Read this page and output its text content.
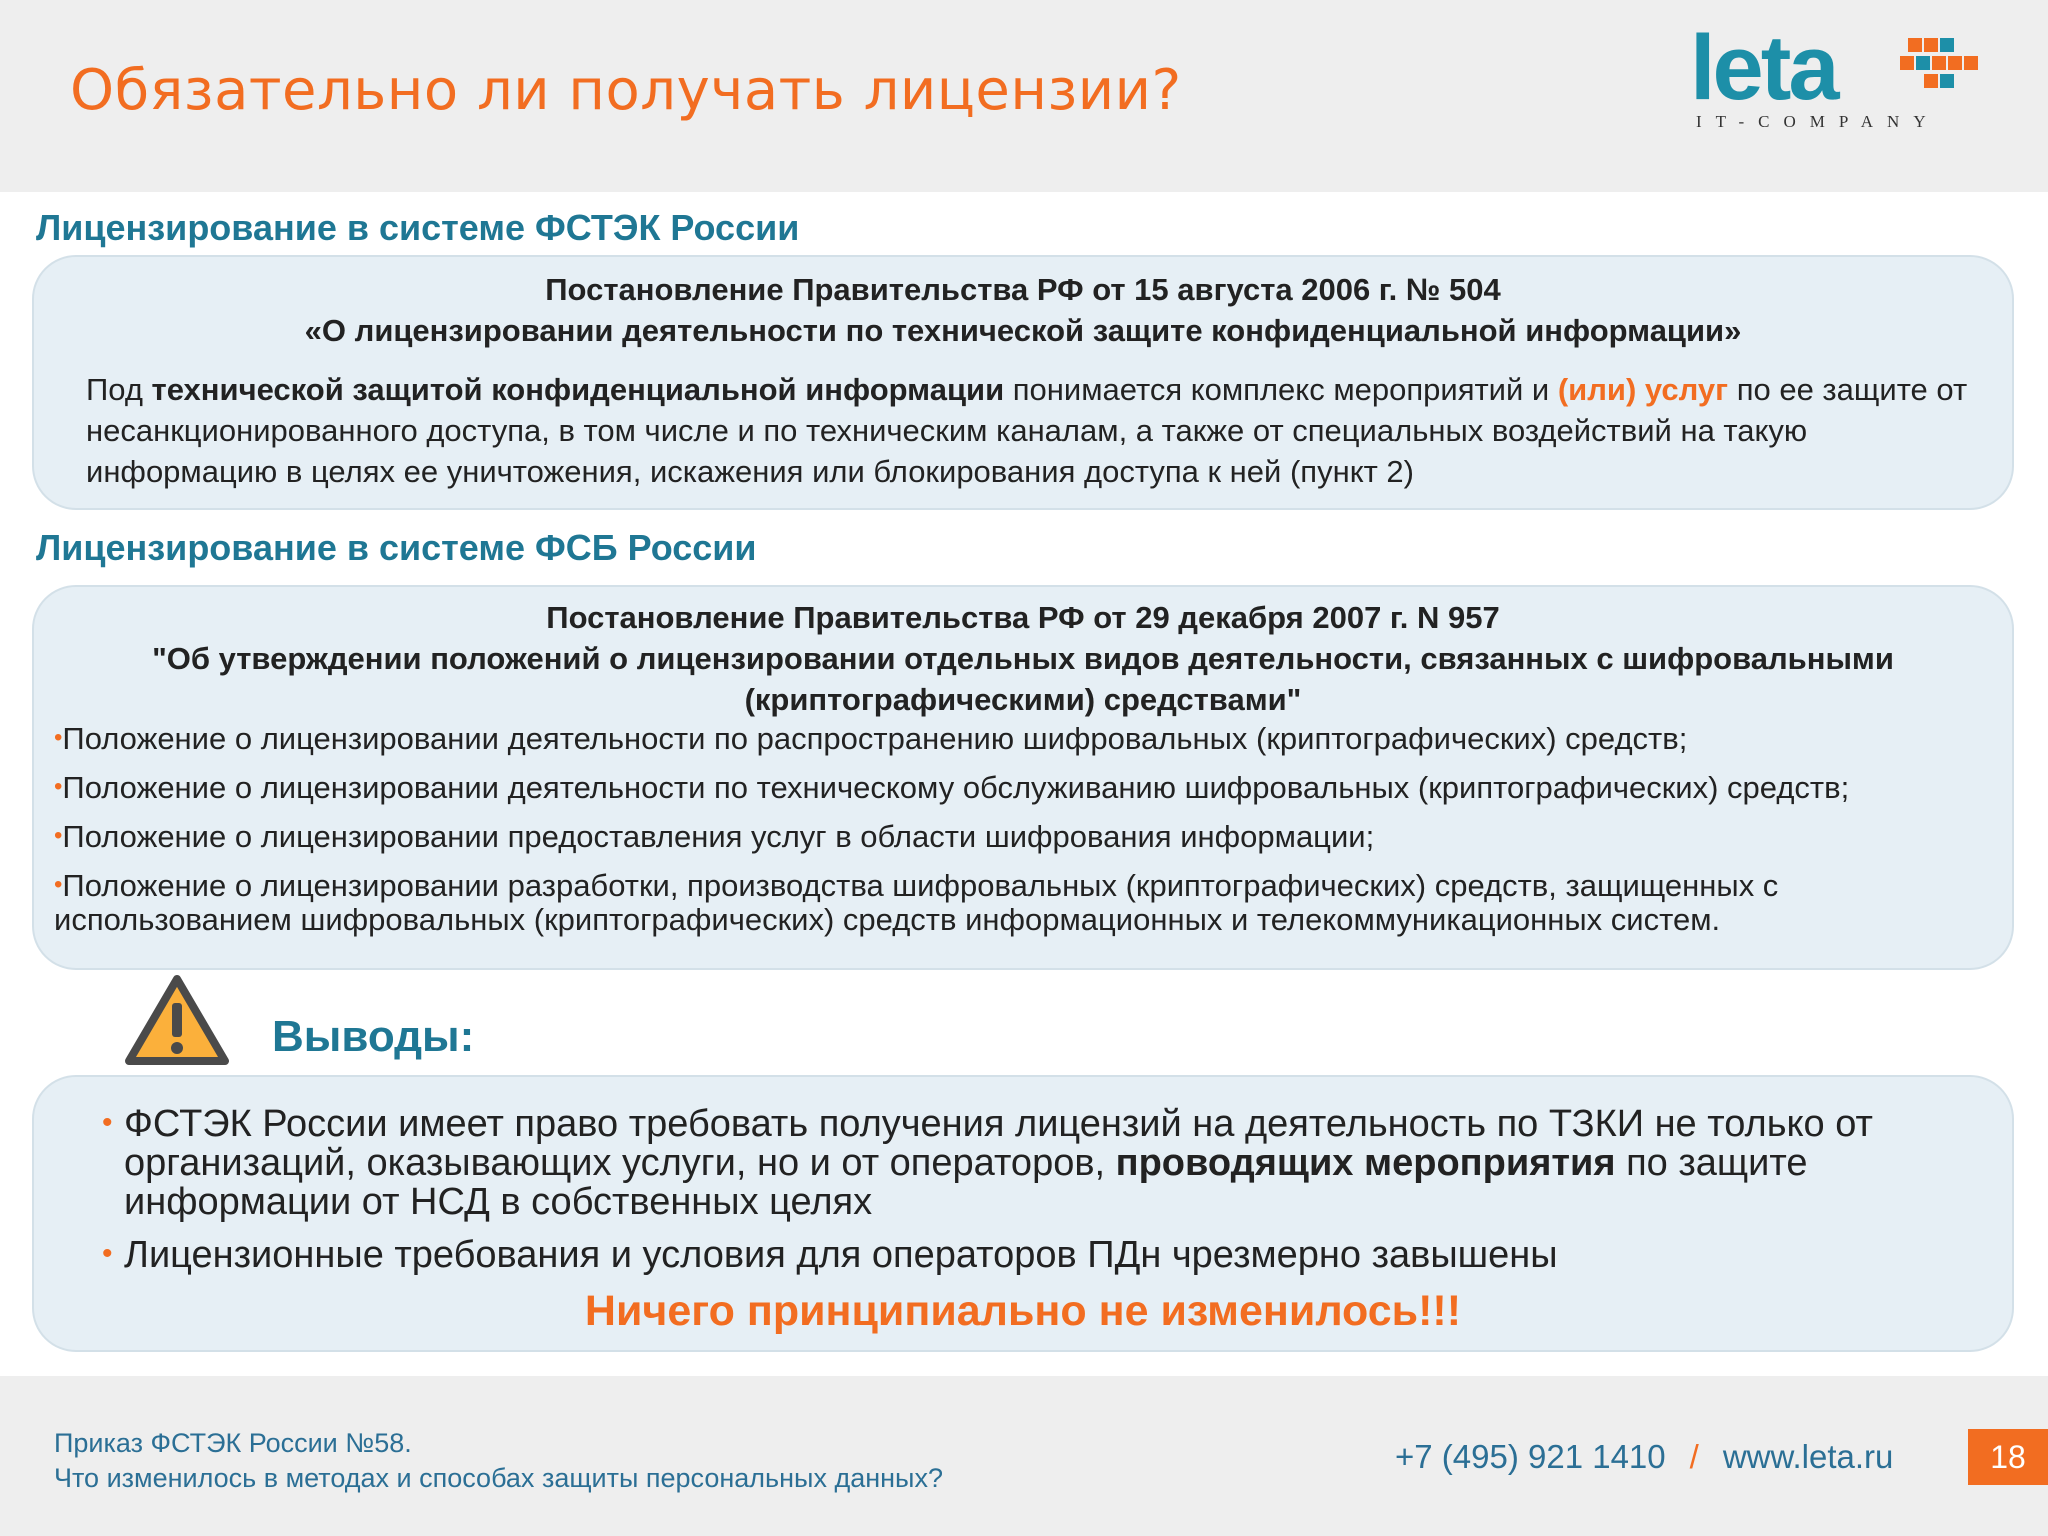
Обязательно ли получать лицензии?	leta
IT-COMPANY
Лицензирование в системе ФСТЭК России
Постановление Правительства РФ от 15 августа 2006 г. № 504
«О лицензировании деятельности по технической защите конфиденциальной информации»
Под технической защитой конфиденциальной информации понимается комплекс мероприятий и (или) услуг по ее защите от несанкционированного доступа, в том числе и по техническим каналам, а также от специальных воздействий на такую информацию в целях ее уничтожения, искажения или блокирования доступа к ней (пункт 2)
Лицензирование в системе ФСБ России
Постановление Правительства РФ от 29 декабря 2007 г. N 957
"Об утверждении положений о лицензировании отдельных видов деятельности, связанных с шифровальными
(криптографическими) средствами"
•Положение о лицензировании деятельности по распространению шифровальных (криптографических) средств;
•Положение о лицензировании деятельности по техническому обслуживанию шифровальных (криптографических) средств;
•Положение о лицензировании предоставления услуг в области шифрования информации;
•Положение о лицензировании разработки, производства шифровальных (криптографических) средств, защищенных с использованием шифровальных (криптографических) средств информационных и телекоммуникационных систем.
Выводы:
• ФСТЭК России имеет право требовать получения лицензий на деятельность по ТЗКИ не только от организаций, оказывающих услуги, но и от операторов, проводящих мероприятия по защите информации от НСД в собственных целях
• Лицензионные требования и условия для операторов ПДн чрезмерно завышены
Ничего принципиально не изменилось!!!
Приказ ФСТЭК России №58.
Что изменилось в методах и способах защиты персональных данных?
+7 (495) 921 1410 / www.leta.ru	18
